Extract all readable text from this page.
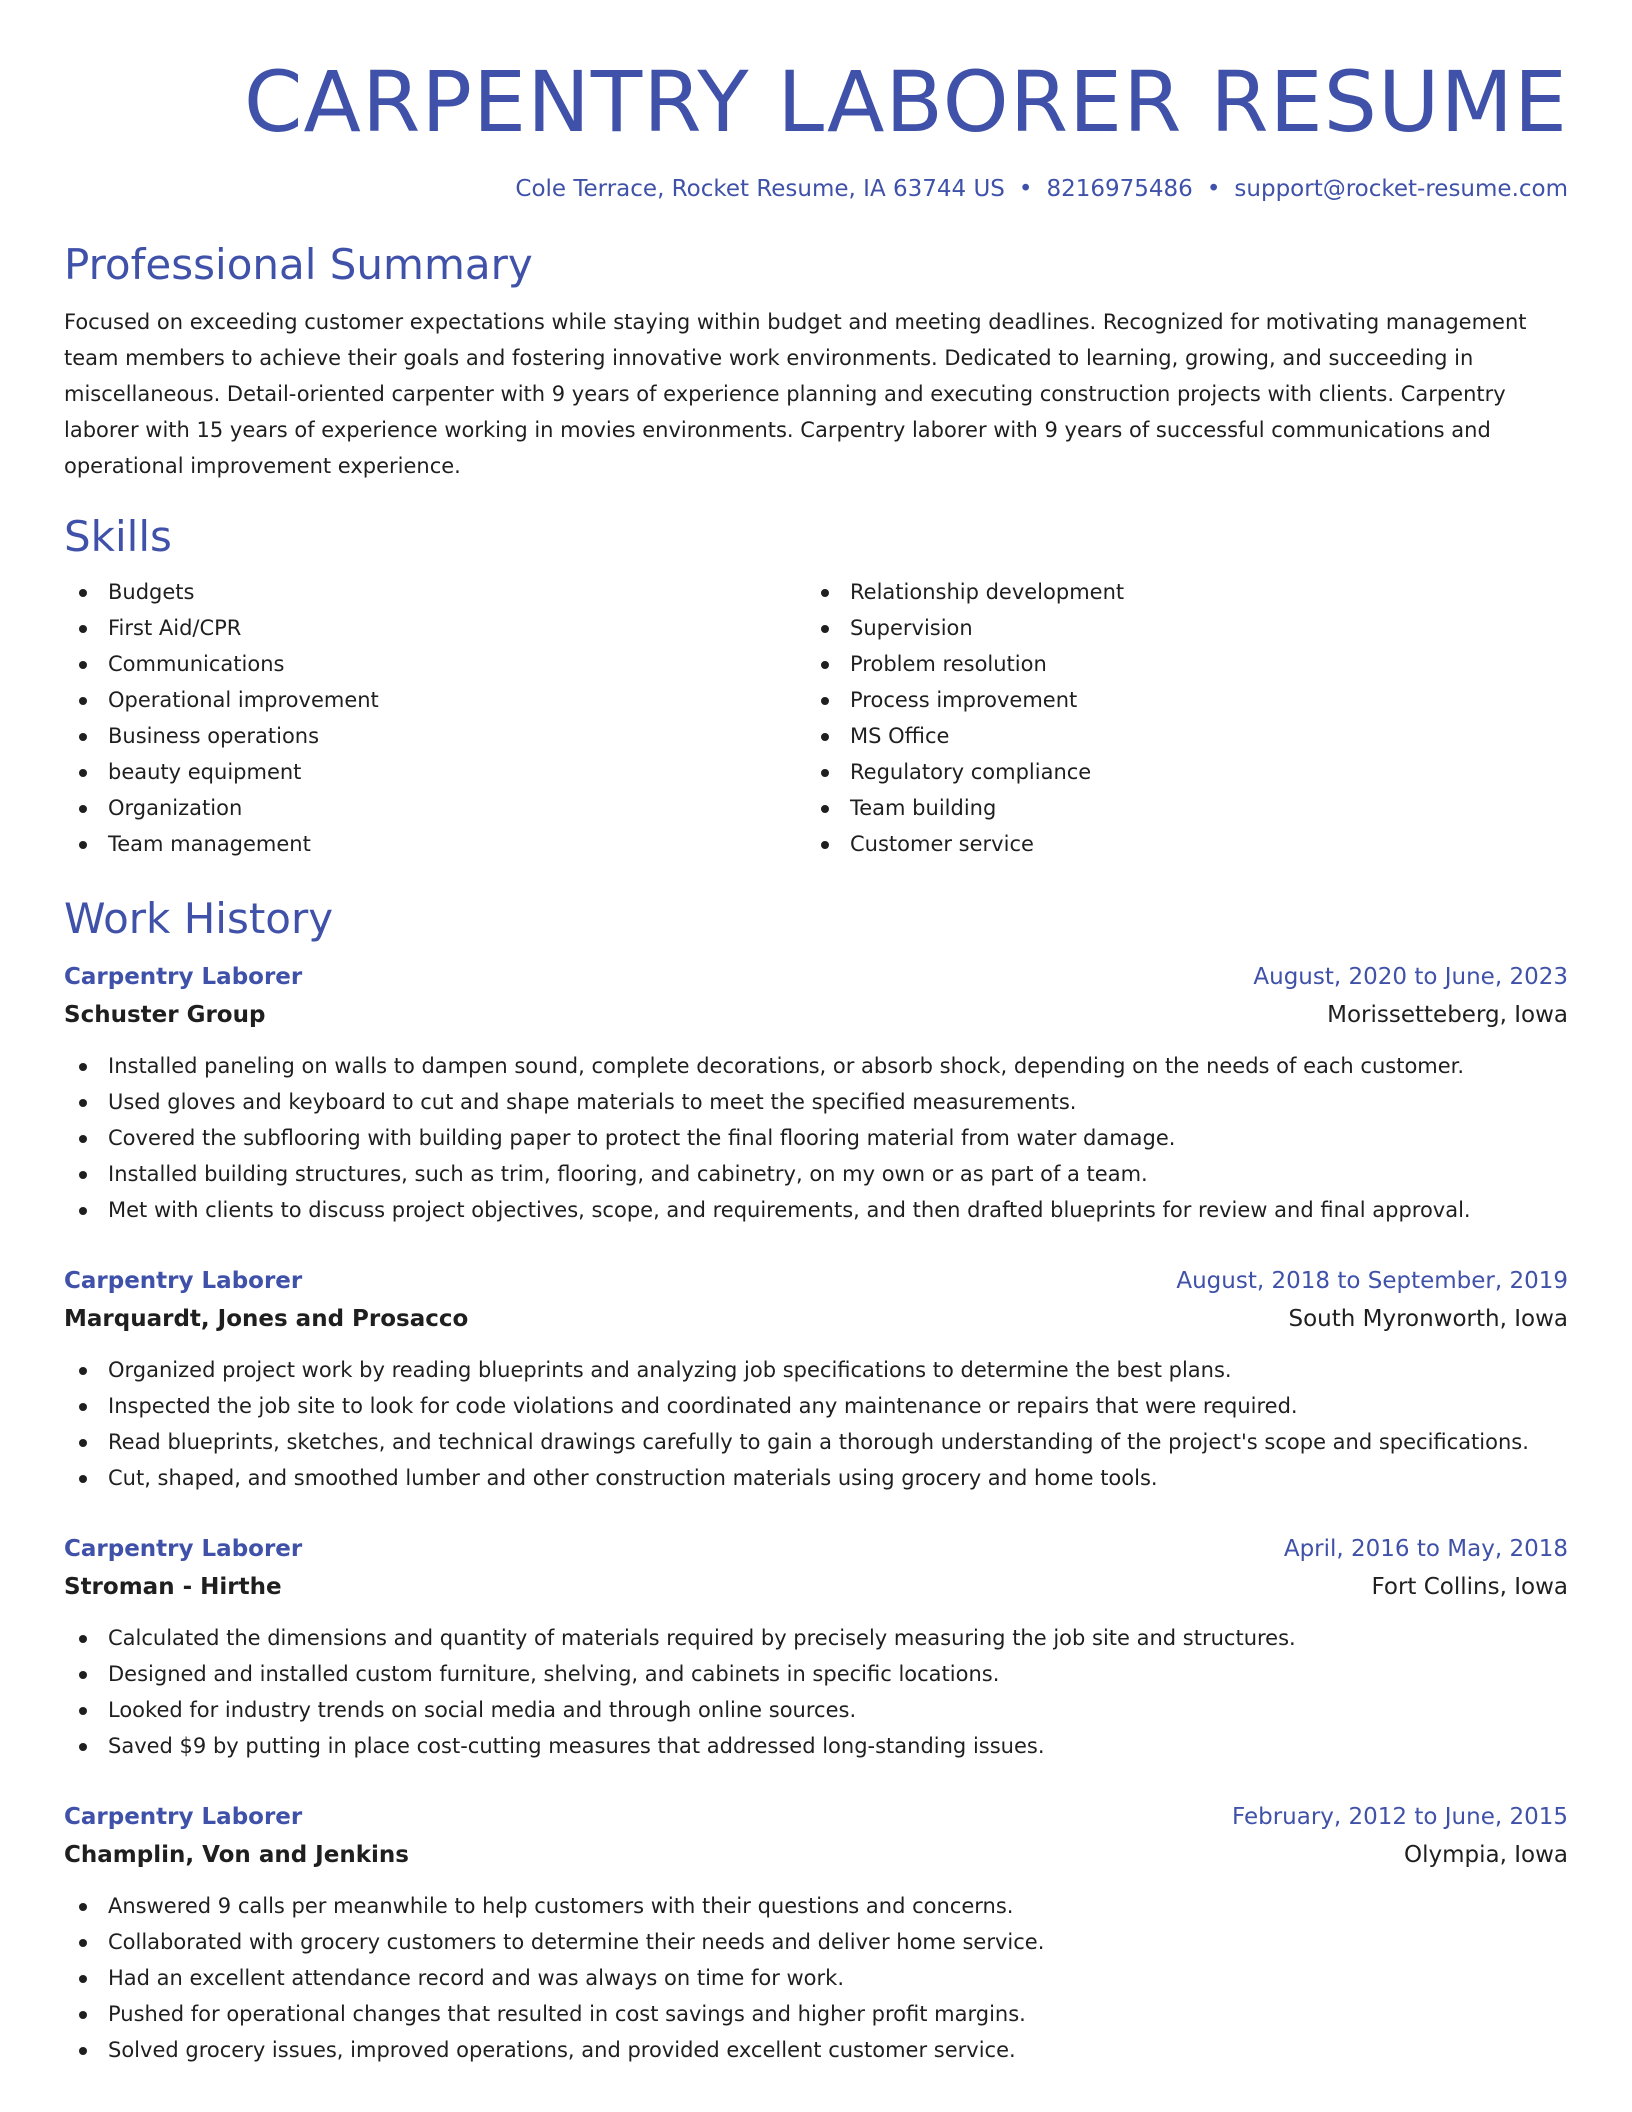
CARPENTRY LABORER RESUME
Cole Terrace, Rocket Resume, IA 63744 US • 8216975486 • support@rocket-resume.com
Professional Summary
Focused on exceeding customer expectations while staying within budget and meeting deadlines. Recognized for motivating management team members to achieve their goals and fostering innovative work environments. Dedicated to learning, growing, and succeeding in miscellaneous. Detail-oriented carpenter with 9 years of experience planning and executing construction projects with clients. Carpentry laborer with 15 years of experience working in movies environments. Carpentry laborer with 9 years of successful communications and operational improvement experience.
Skills
Budgets
First Aid/CPR
Communications
Operational improvement
Business operations
beauty equipment
Organization
Team management
Relationship development
Supervision
Problem resolution
Process improvement
MS Office
Regulatory compliance
Team building
Customer service
Work History
Carpentry Laborer	August, 2020 to June, 2023
Schuster Group	Morissetteberg, Iowa
Installed paneling on walls to dampen sound, complete decorations, or absorb shock, depending on the needs of each customer.
Used gloves and keyboard to cut and shape materials to meet the specified measurements.
Covered the subflooring with building paper to protect the final flooring material from water damage.
Installed building structures, such as trim, flooring, and cabinetry, on my own or as part of a team.
Met with clients to discuss project objectives, scope, and requirements, and then drafted blueprints for review and final approval.
Carpentry Laborer	August, 2018 to September, 2019
Marquardt, Jones and Prosacco	South Myronworth, Iowa
Organized project work by reading blueprints and analyzing job specifications to determine the best plans.
Inspected the job site to look for code violations and coordinated any maintenance or repairs that were required.
Read blueprints, sketches, and technical drawings carefully to gain a thorough understanding of the project's scope and specifications.
Cut, shaped, and smoothed lumber and other construction materials using grocery and home tools.
Carpentry Laborer	April, 2016 to May, 2018
Stroman - Hirthe	Fort Collins, Iowa
Calculated the dimensions and quantity of materials required by precisely measuring the job site and structures.
Designed and installed custom furniture, shelving, and cabinets in specific locations.
Looked for industry trends on social media and through online sources.
Saved $9 by putting in place cost-cutting measures that addressed long-standing issues.
Carpentry Laborer	February, 2012 to June, 2015
Champlin, Von and Jenkins	Olympia, Iowa
Answered 9 calls per meanwhile to help customers with their questions and concerns.
Collaborated with grocery customers to determine their needs and deliver home service.
Had an excellent attendance record and was always on time for work.
Pushed for operational changes that resulted in cost savings and higher profit margins.
Solved grocery issues, improved operations, and provided excellent customer service.
